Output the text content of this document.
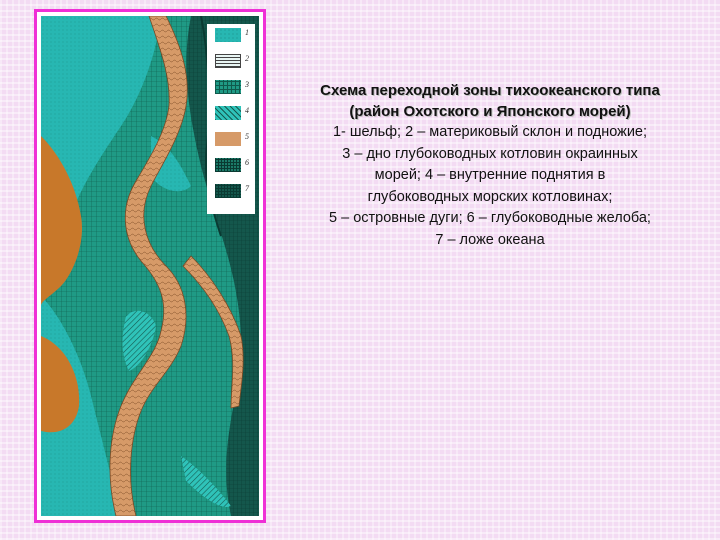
1
2
3
4
5
6
7
Схема переходной зоны тихоокеанского типа
(район Охотского и Японского морей)
1- шельф; 2 – материковый склон и подножие;
3 – дно глубоководных котловин окраинных
морей; 4 – внутренние поднятия в
глубоководных морских котловинах;
5 – островные дуги; 6 – глубоководные желоба;
7 – ложе океана
